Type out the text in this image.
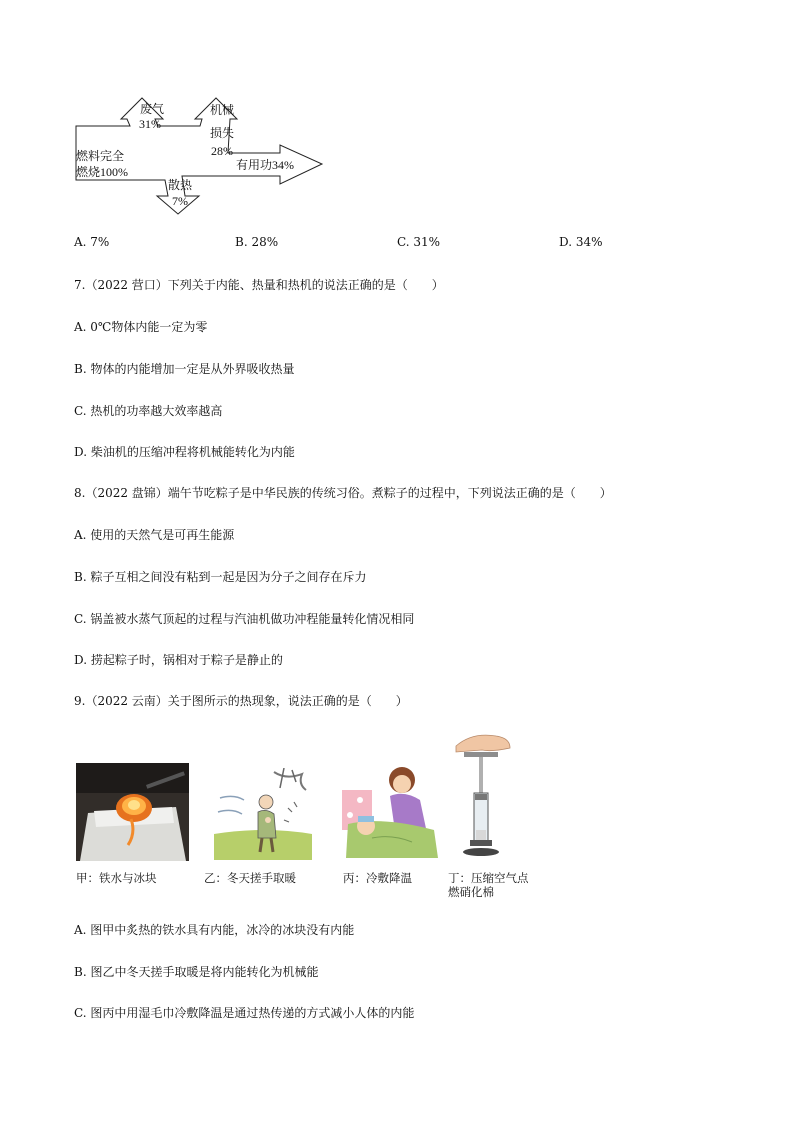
废气
31%
机械
损失
28%
燃料完全
燃烧100%
散热
7%
有用功34%
A. 7%	B. 28%	C. 31%	D. 34%
7.（2022 营口）下列关于内能、热量和热机的说法正确的是（　　）
A. 0℃物体内能一定为零
B. 物体的内能增加一定是从外界吸收热量
C. 热机的功率越大效率越高
D. 柴油机的压缩冲程将机械能转化为内能
8.（2022 盘锦）端午节吃粽子是中华民族的传统习俗。煮粽子的过程中，下列说法正确的是（　　）
A. 使用的天然气是可再生能源
B. 粽子互相之间没有粘到一起是因为分子之间存在斥力
C. 锅盖被水蒸气顶起的过程与汽油机做功冲程能量转化情况相同
D. 捞起粽子时，锅相对于粽子是静止的
9.（2022 云南）关于图所示的热现象，说法正确的是（　　）
甲：铁水与冰块	乙：冬天搓手取暖	丙：冷敷降温	丁：压缩空气点
燃硝化棉
A. 图甲中炙热的铁水具有内能，冰冷的冰块没有内能
B. 图乙中冬天搓手取暖是将内能转化为机械能
C. 图丙中用湿毛巾冷敷降温是通过热传递的方式减小人体的内能
